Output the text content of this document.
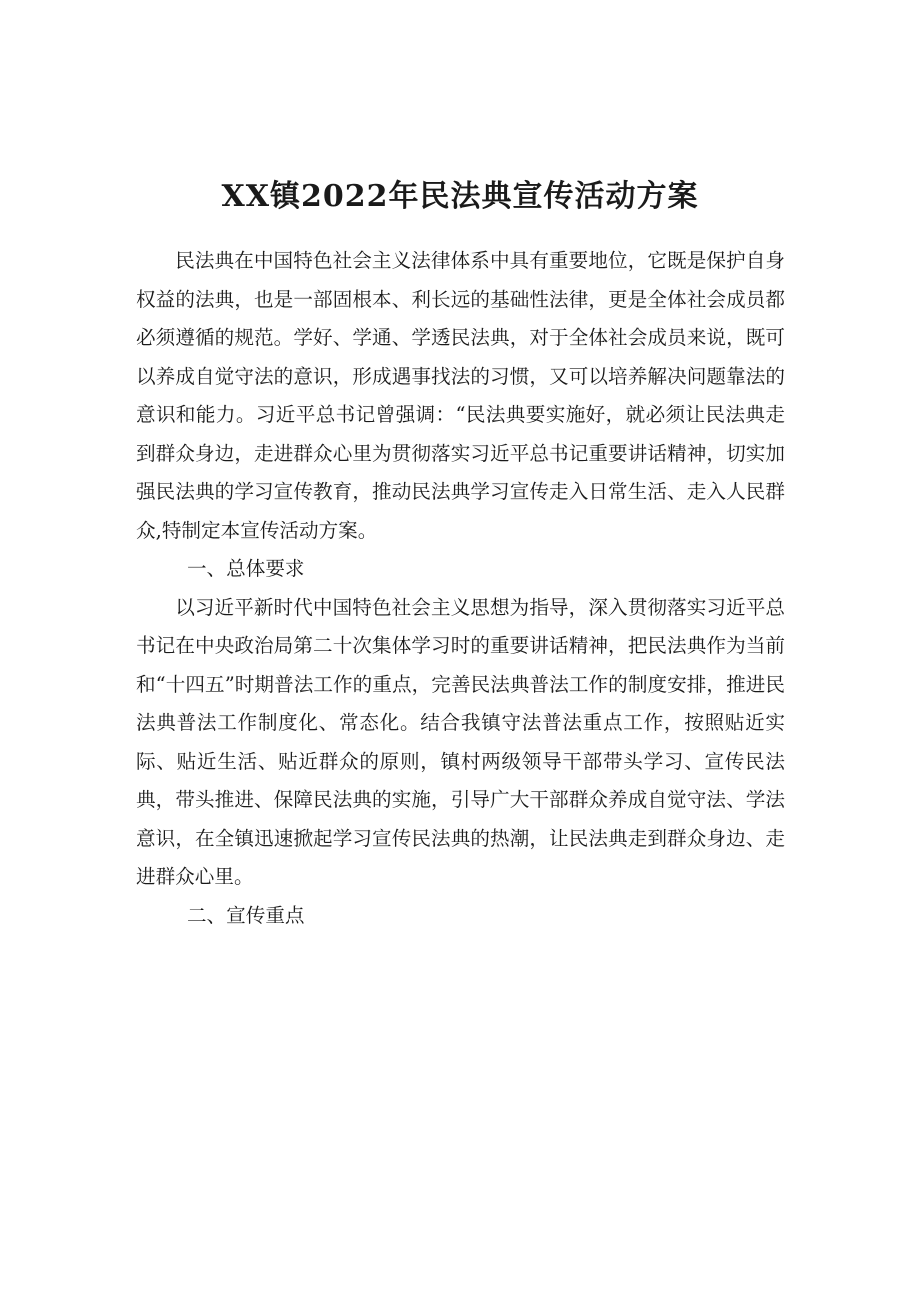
XX镇2022年民法典宣传活动方案

民法典在中国特色社会主义法律体系中具有重要地位，它既是保护自身权益的法典，也是一部固根本、利长远的基础性法律，更是全体社会成员都必须遵循的规范。学好、学通、学透民法典，对于全体社会成员来说，既可以养成自觉守法的意识，形成遇事找法的习惯，又可以培养解决问题靠法的意识和能力。习近平总书记曾强调：“民法典要实施好，就必须让民法典走到群众身边，走进群众心里为贯彻落实习近平总书记重要讲话精神，切实加强民法典的学习宣传教育，推动民法典学习宣传走入日常生活、走入人民群众,特制定本宣传活动方案。

一、总体要求

以习近平新时代中国特色社会主义思想为指导，深入贯彻落实习近平总书记在中央政治局第二十次集体学习时的重要讲话精神，把民法典作为当前和“十四五”时期普法工作的重点，完善民法典普法工作的制度安排，推进民法典普法工作制度化、常态化。结合我镇守法普法重点工作，按照贴近实际、贴近生活、贴近群众的原则，镇村两级领导干部带头学习、宣传民法典，带头推进、保障民法典的实施，引导广大干部群众养成自觉守法、学法意识，在全镇迅速掀起学习宣传民法典的热潮，让民法典走到群众身边、走进群众心里。

二、宣传重点
